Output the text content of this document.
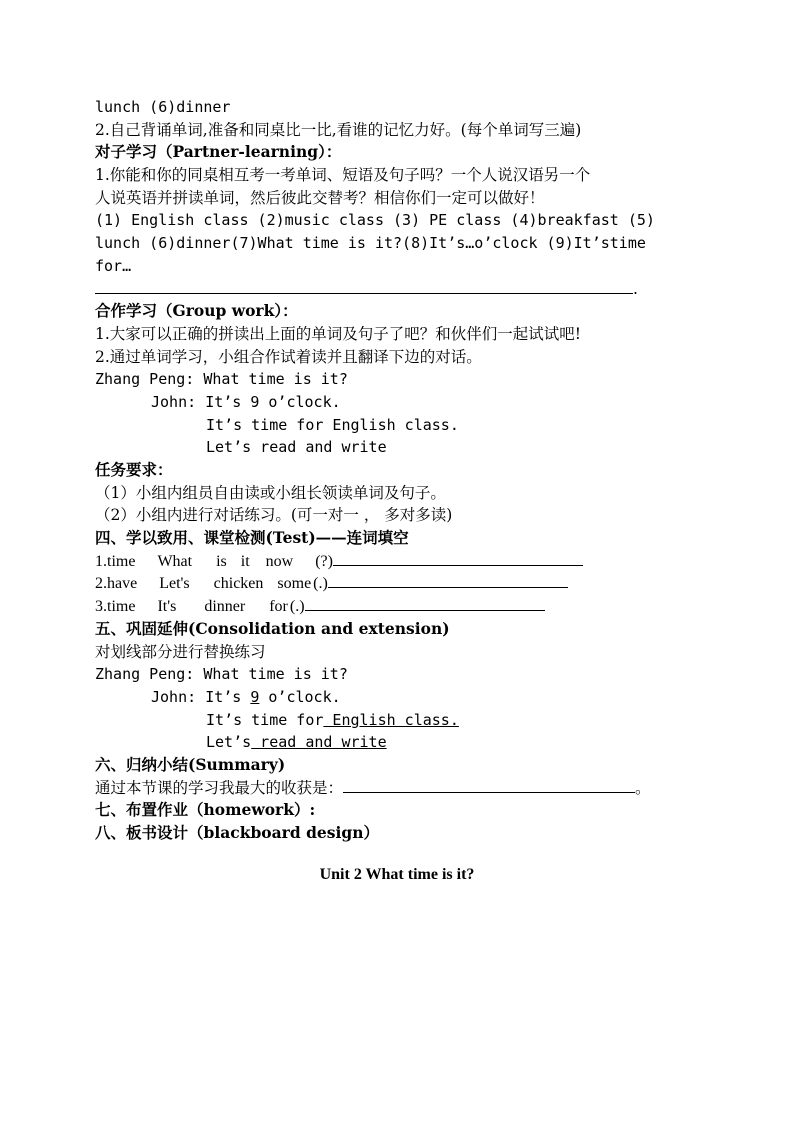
lunch (6)dinner
2.自己背诵单词,准备和同桌比一比,看谁的记忆力好。(每个单词写三遍)
对子学习（Partner-learning）：
1.你能和你的同桌相互考一考单词、短语及句子吗？一个人说汉语另一个
人说英语并拼读单词，然后彼此交替考？相信你们一定可以做好！
(1) English class (2)music class (3) PE class (4)breakfast (5)
lunch (6)dinner(7)What time is it?(8)It’s…o’clock (9)It’stime
for…
.
合作学习（Group work）：
1.大家可以正确的拼读出上面的单词及句子了吧？和伙伴们一起试试吧!
2.通过单词学习，小组合作试着读并且翻译下边的对话。
Zhang Peng: What time is it?
John: It’s 9 o’clock.
It’s time for English class.
Let’s read and write
任务要求：
（1）小组内组员自由读或小组长领读单词及句子。
（2）小组内进行对话练习。(可一对一 ， 多对多读)
四、学以致用、课堂检测(Test)——连词填空
1.time What is it now (?)
2.have Let's chicken some (.)
3.time It's dinner for (.)
五、巩固延伸(Consolidation and extension)
对划线部分进行替换练习
Zhang Peng: What time is it?
John: It’s 9 o’clock.
It’s time for English class.
Let’s read and write
六、归纳小结(Summary)
通过本节课的学习我最大的收获是：	。
七、布置作业（homework）:
八、板书设计（blackboard design）
Unit 2 What time is it?
